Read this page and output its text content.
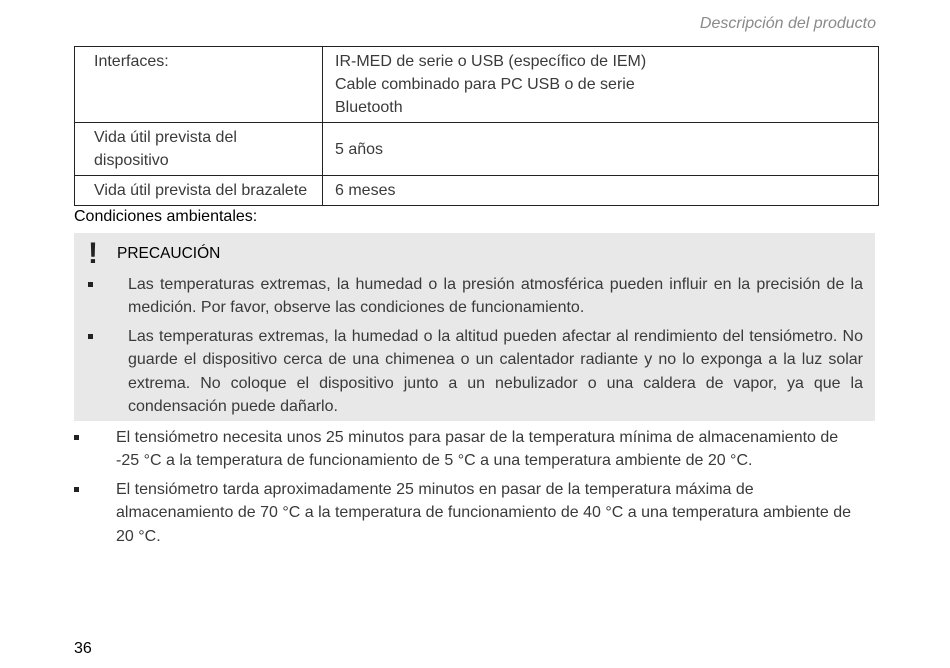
Descripción del producto
Interfaces:	IR-MED de serie o USB (específico de IEM)
Cable combinado para PC USB o de serie
Bluetooth

Vida útil prevista del
dispositivo	5 años
Vida útil prevista del brazalete	6 meses
Condiciones ambientales:
! PRECAUCIÓN
Las temperaturas extremas, la humedad o la presión atmosférica pueden influir en la precisión de la medición. Por favor, observe las condiciones de funcionamiento.
Las temperaturas extremas, la humedad o la altitud pueden afectar al rendimiento del tensiómetro. No guarde el dispositivo cerca de una chimenea o un calentador radiante y no lo exponga a la luz solar extrema. No coloque el dispositivo junto a un nebulizador o una caldera de vapor, ya que la condensación puede dañarlo.
El tensiómetro necesita unos 25 minutos para pasar de la temperatura mínima de almacenamiento de -25 °C a la temperatura de funcionamiento de 5 °C a una temperatura ambiente de 20 °C.
El tensiómetro tarda aproximadamente 25 minutos en pasar de la temperatura máxima de almacenamiento de 70 °C a la temperatura de funcionamiento de 40 °C a una temperatura ambiente de 20 °C.
36
